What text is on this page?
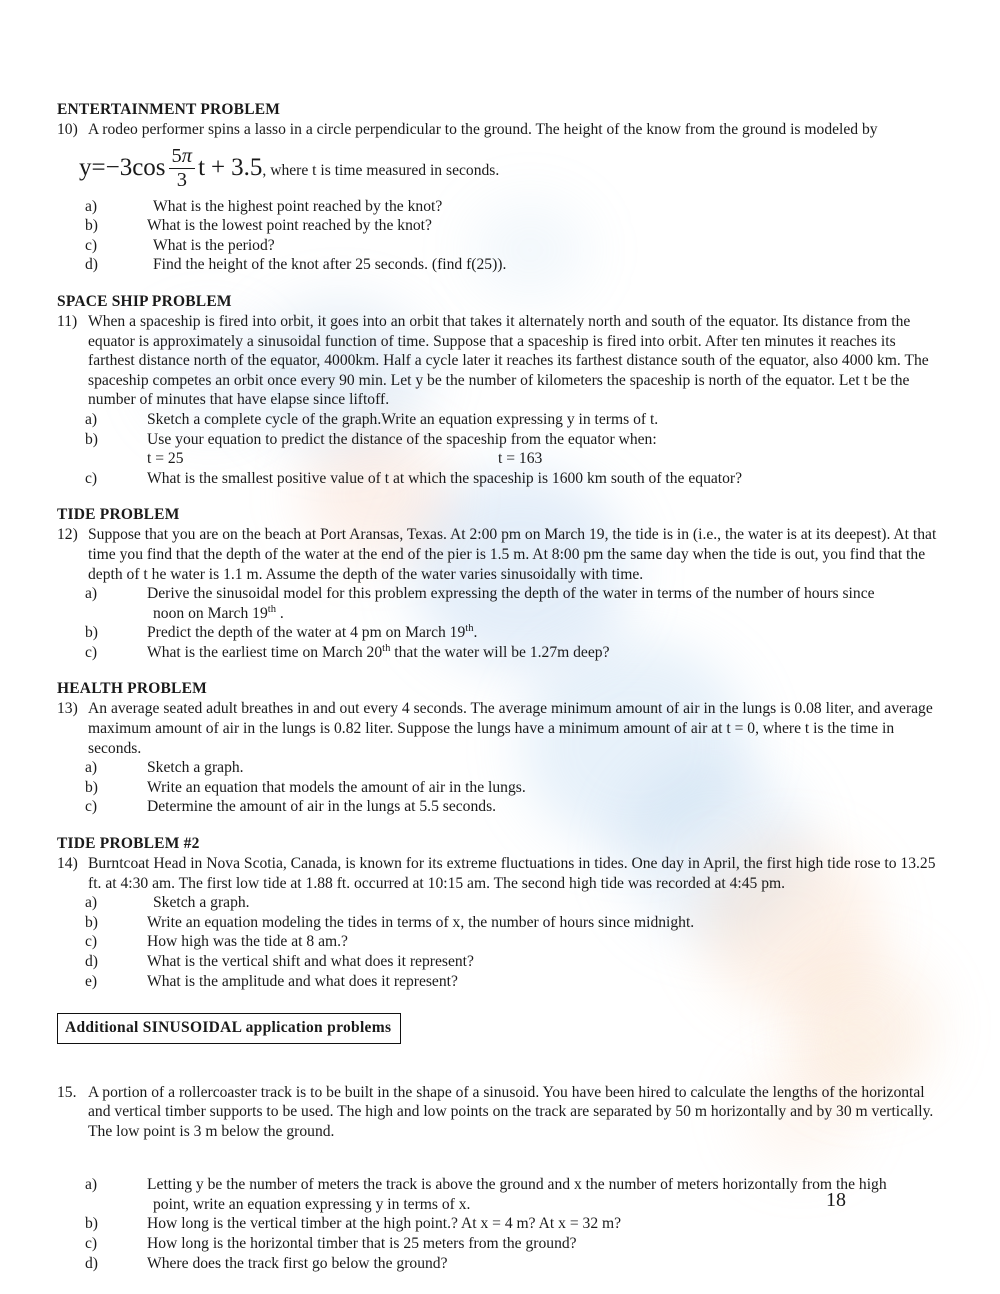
ENTERTAINMENT PROBLEM
10) A rodeo performer spins a lasso in a circle perpendicular to the ground. The height of the know from the ground is modeled by

$y = -3\cos \frac{5\pi}{3}$ t + 3.5 , where t is time measured in seconds.
a)	What is the highest point reached by the knot?
b)	What is the lowest point reached by the knot?
c)	What is the period?
d)	Find the height of the knot after 25 seconds. (find f(25)).
SPACE SHIP PROBLEM
11) When a spaceship is fired into orbit, it goes into an orbit that takes it alternately north and south of the equator. Its distance from the equator is approximately a sinusoidal function of time. Suppose that a spaceship is fired into orbit. After ten minutes it reaches its farthest distance north of the equator, 4000km. Half a cycle later it reaches its farthest distance south of the equator, also 4000 km. The spaceship competes an orbit once every 90 min. Let y be the number of kilometers the spaceship is north of the equator. Let t be the number of minutes that have elapse since liftoff.

a)	Sketch a complete cycle of the graph.Write an equation expressing y in terms of t.
b)	Use your equation to predict the distance of the spaceship from the equator when:
t = 25	t = 163
c)	What is the smallest positive value of t at which the spaceship is 1600 km south of the equator?
TIDE PROBLEM
12) Suppose that you are on the beach at Port Aransas, Texas. At 2:00 pm on March 19, the tide is in (i.e., the water is at its deepest). At that time you find that the depth of the water at the end of the pier is 1.5 m. At 8:00 pm the same day when the tide is out, you find that the depth of t he water is 1.1 m. Assume the depth of the water varies sinusoidally with time.

a)	Derive the sinusoidal model for this problem expressing the depth of the water in terms of the number of hours since
noon on March 19th .
b)	Predict the depth of the water at 4 pm on March 19th.
c)	What is the earliest time on March 20th that the water will be 1.27m deep?
HEALTH PROBLEM
13) An average seated adult breathes in and out every 4 seconds. The average minimum amount of air in the lungs is 0.08 liter, and average maximum amount of air in the lungs is 0.82 liter. Suppose the lungs have a minimum amount of air at t = 0, where t is the time in seconds.

a)	Sketch a graph.
b)	Write an equation that models the amount of air in the lungs.
c)	Determine the amount of air in the lungs at 5.5 seconds.
TIDE PROBLEM #2
14) Burntcoat Head in Nova Scotia, Canada, is known for its extreme fluctuations in tides. One day in April, the first high tide rose to 13.25 ft. at 4:30 am. The first low tide at 1.88 ft. occurred at 10:15 am. The second high tide was recorded at 4:45 pm.

a)	Sketch a graph.
b)	Write an equation modeling the tides in terms of x, the number of hours since midnight.
c)	How high was the tide at 8 am.?
d)	What is the vertical shift and what does it represent?
e)	What is the amplitude and what does it represent?
Additional SINUSOIDAL application problems
15. A portion of a rollercoaster track is to be built in the shape of a sinusoid. You have been hired to calculate the lengths of the horizontal and vertical timber supports to be used. The high and low points on the track are separated by 50 m horizontally and by 30 m vertically. The low point is 3 m below the ground.

a)	Letting y be the number of meters the track is above the ground and x the number of meters horizontally from the high
point, write an equation expressing y in terms of x.
b)	How long is the vertical timber at the high point.? At x = 4 m? At x = 32 m?
c)	How long is the horizontal timber that is 25 meters from the ground?
d)	Where does the track first go below the ground?
18
